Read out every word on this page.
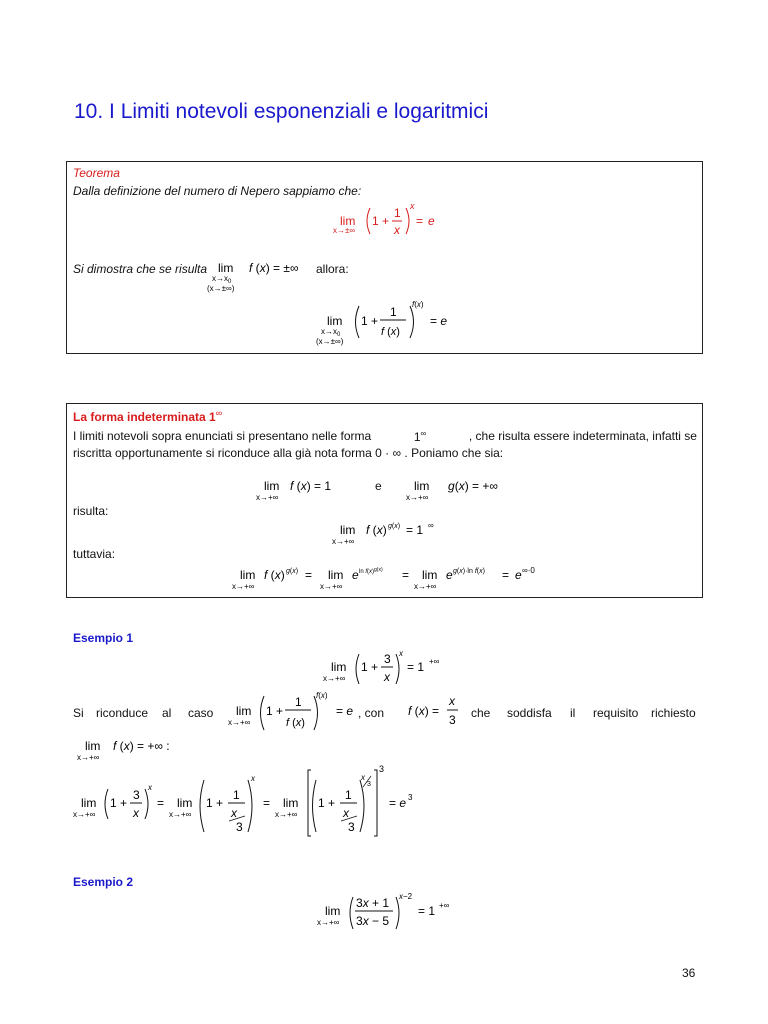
10. I Limiti notevoli esponenziali e logaritmici
Teorema
Dalla definizione del numero di Nepero sappiamo che:
lim
x→±∞
1 +
1
x
x
= e
Si dimostra che se risulta lim
$x\to x_0$
(x→±∞)
f (x) = ±∞ allora:
lim
$x\to x_0$
(x→±∞)
1 +
1
f (x)
f(x)
= e
La forma indeterminata 1∞
I limiti notevoli sopra enunciati si presentano nelle forma	1∞	, che risulta essere indeterminata, infatti se
riscritta opportunamente si riconduce alla già nota forma 0 · ∞ . Poniamo che sia:
lim
x→+∞
f (x) = 1	lim
x→+∞
g(x) = +∞
e
risulta:
lim
x→+∞
f (x) g(x) = 1 ∞
tuttavia:
lim
x→+∞
f (x) g(x) = lim
x→+∞
e $\ln f(x)^{g(x)} = \lim$
x→+∞
e g(x)·ln f(x) = e ∞·0
Esempio 1
lim
x→+∞
1 +
3
x
x
= 1 +∞
Si riconduce al caso lim
x→+∞
1 +
1
f (x)
f(x)
= e , con f (x) =
x
3 che soddisfa il requisito richiesto
lim
x→+∞
f (x) = +∞ :
lim
x→+∞
1 +
3
x
x
= lim
x→+∞
1 +
1
x
3
x
= lim
x→+∞
1 +
1
x
3
x
3
3
= e 3
Esempio 2
lim
x→+∞
3x + 1
3x − 5
x−2
= 1 +∞
36
